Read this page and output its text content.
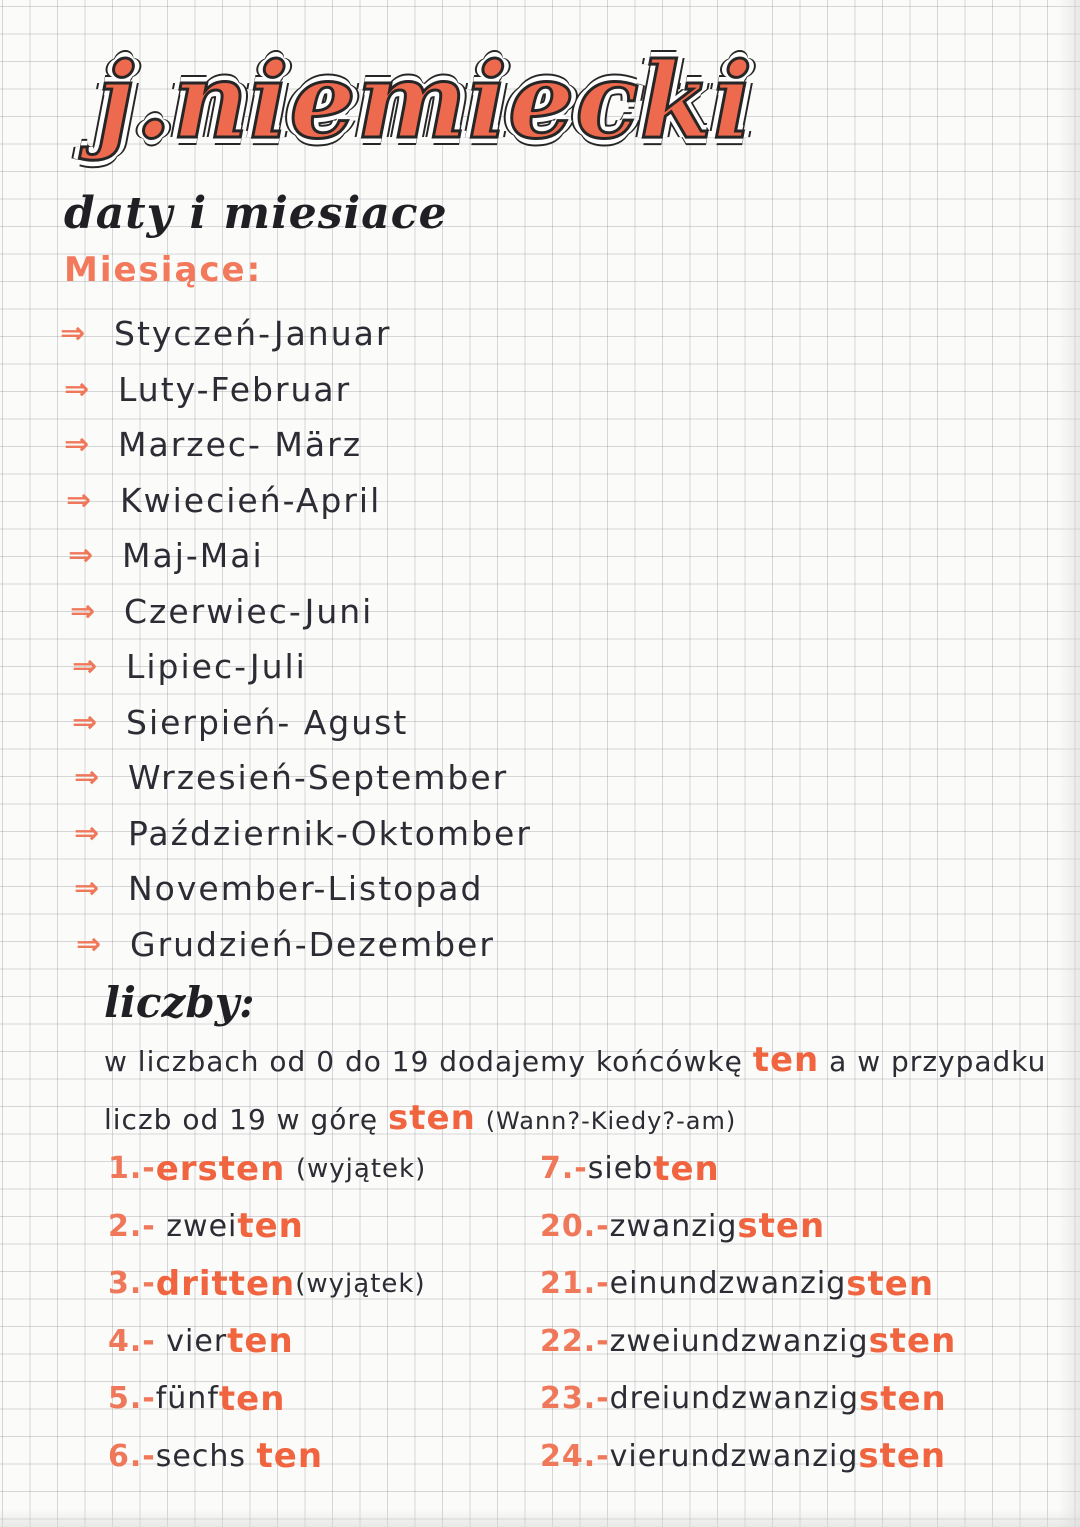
j.niemiecki
daty i miesiace
Miesiące:
⇒ Styczeń-Januar
⇒ Luty-Februar
⇒ Marzec- März
⇒ Kwiecień-April
⇒ Maj-Mai
⇒ Czerwiec-Juni
⇒ Lipiec-Juli
⇒ Sierpień- Agust
⇒ Wrzesień-September
⇒ Październik-Oktomber
⇒ November-Listopad
⇒ Grudzień-Dezember
liczby:
w liczbach od 0 do 19 dodajemy końcówkę ten a w przypadku liczb od 19 w górę sten (Wann?-Kiedy?-am)
1.- ersten
(wyjątek)
2.-
zwei ten
3.- dritten (wyjątek)
4.-
vier ten
5.- fünf ten
6.- sechs
ten
7.- sieb ten
20.- zwanzig sten
21.- einundzwanzig sten
22.- zweiundzwanzig sten
23.- dreiundzwanzig sten
24.- vierundzwanzig sten
